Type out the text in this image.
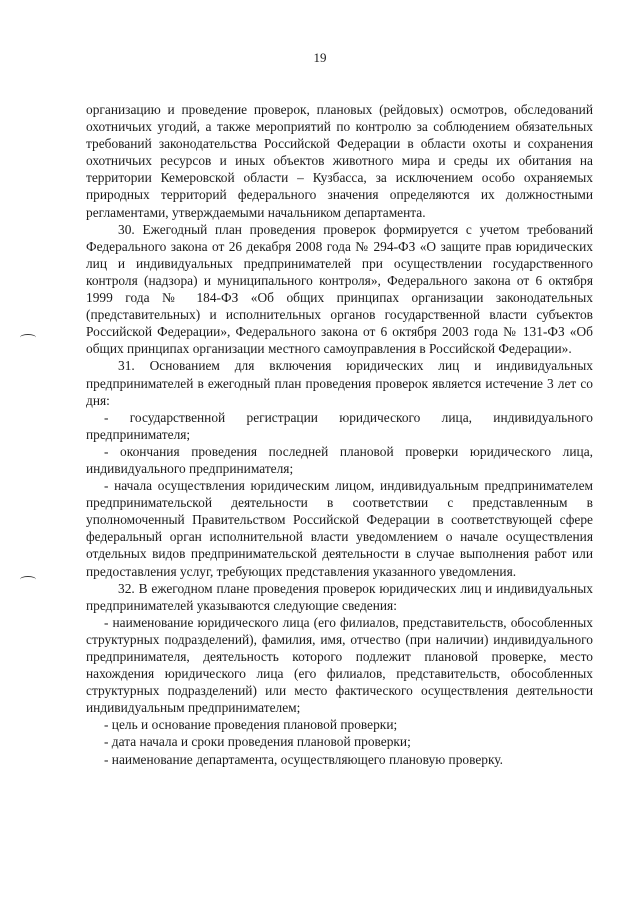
19

организацию и проведение проверок, плановых (рейдовых) осмотров, обследований охотничьих угодий, а также мероприятий по контролю за соблюдением обязательных требований законодательства Российской Федерации в области охоты и сохранения охотничьих ресурсов и иных объектов животного мира и среды их обитания на территории Кемеровской области – Кузбасса, за исключением особо охраняемых природных территорий федерального значения определяются их должностными регламентами, утверждаемыми начальником департамента.

30. Ежегодный план проведения проверок формируется с учетом требований Федерального закона от 26 декабря 2008 года № 294-ФЗ «О защите прав юридических лиц и индивидуальных предпринимателей при осуществлении государственного контроля (надзора) и муниципального контроля», Федерального закона от 6 октября 1999 года № 184-ФЗ «Об общих принципах организации законодательных (представительных) и исполнительных органов государственной власти субъектов Российской Федерации», Федерального закона от 6 октября 2003 года № 131-ФЗ «Об общих принципах организации местного самоуправления в Российской Федерации».

31. Основанием для включения юридических лиц и индивидуальных предпринимателей в ежегодный план проведения проверок является истечение 3 лет со дня:

- государственной регистрации юридического лица, индивидуального предпринимателя;

- окончания проведения последней плановой проверки юридического лица, индивидуального предпринимателя;

- начала осуществления юридическим лицом, индивидуальным предпринимателем предпринимательской деятельности в соответствии с представленным в уполномоченный Правительством Российской Федерации в соответствующей сфере федеральный орган исполнительной власти уведомлением о начале осуществления отдельных видов предпринимательской деятельности в случае выполнения работ или предоставления услуг, требующих представления указанного уведомления.

32. В ежегодном плане проведения проверок юридических лиц и индивидуальных предпринимателей указываются следующие сведения:

- наименование юридического лица (его филиалов, представительств, обособленных структурных подразделений), фамилия, имя, отчество (при наличии) индивидуального предпринимателя, деятельность которого подлежит плановой проверке, место нахождения юридического лица (его филиалов, представительств, обособленных структурных подразделений) или место фактического осуществления деятельности индивидуальным предпринимателем;

- цель и основание проведения плановой проверки;

- дата начала и сроки проведения плановой проверки;

- наименование департамента, осуществляющего плановую проверку.
